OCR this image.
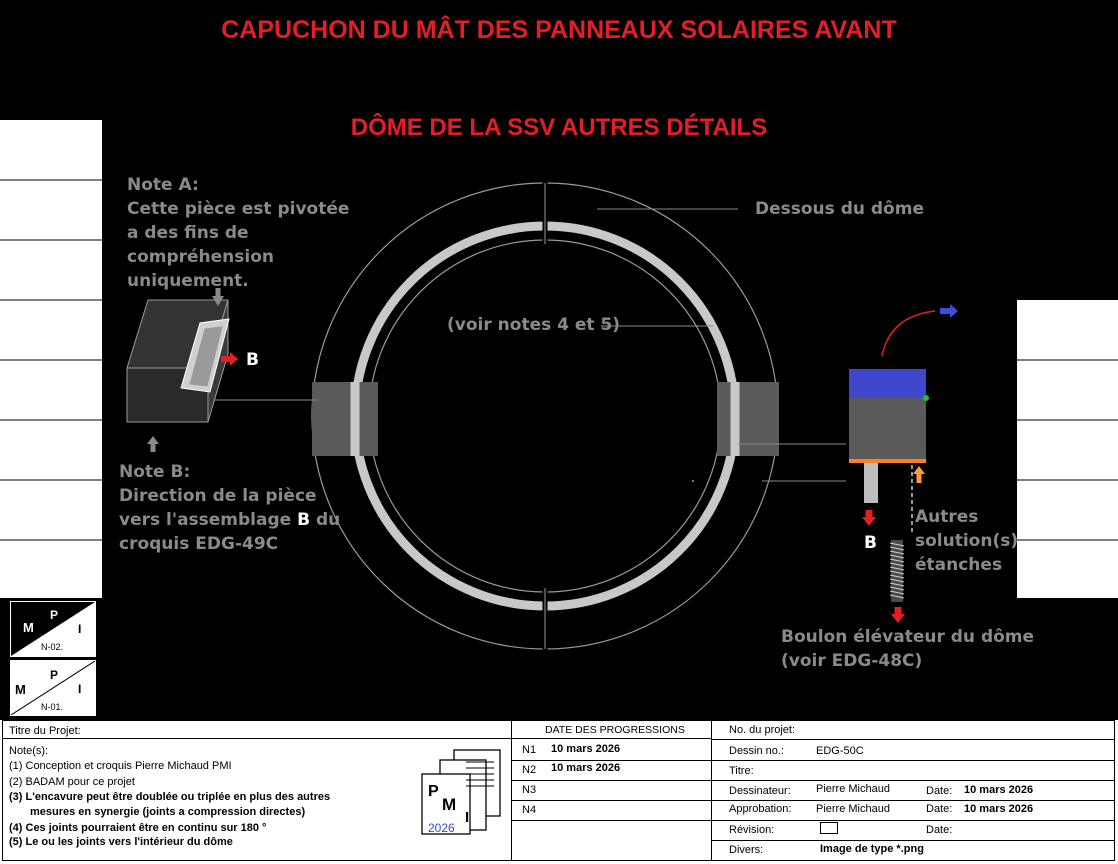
CAPUCHON DU MÂT DES PANNEAUX SOLAIRES AVANT
DÔME DE LA SSV AUTRES DÉTAILS
Note A:
Cette pièce est pivotée
a des fins de
compréhension
uniquement.
Note B:
Direction de la pièce
vers l'assemblage B du
croquis EDG-49C
Dessous du dôme
(voir notes 4 et 5)
B
B
Autres
solution(s)
étanches
Boulon élévateur du dôme
(voir EDG-48C)
M
P
I
N-02.
M
P
I
N-01.
Titre du Projet:
Note(s):
(1) Conception et croquis Pierre Michaud PMI
(2) BADAM pour ce projet
(3) L'encavure peut être doublée ou triplée en plus des autres
mesures en synergie (joints a compression directes)
(4) Ces joints pourraient être en continu sur 180 °
(5) Le ou les joints vers l'intérieur du dôme
P
M
I
2026
DATE DES PROGRESSIONS
N1 10 mars 2026
N2 10 mars 2026
N3
N4
No. du projet:
Dessin no.:	EDG-50C
Titre:
Dessinateur: Pierre Michaud	Date: 10 mars 2026
Approbation: Pierre Michaud	Date: 10 mars 2026
Révision:	Date:
Divers:	Image de type *.png
